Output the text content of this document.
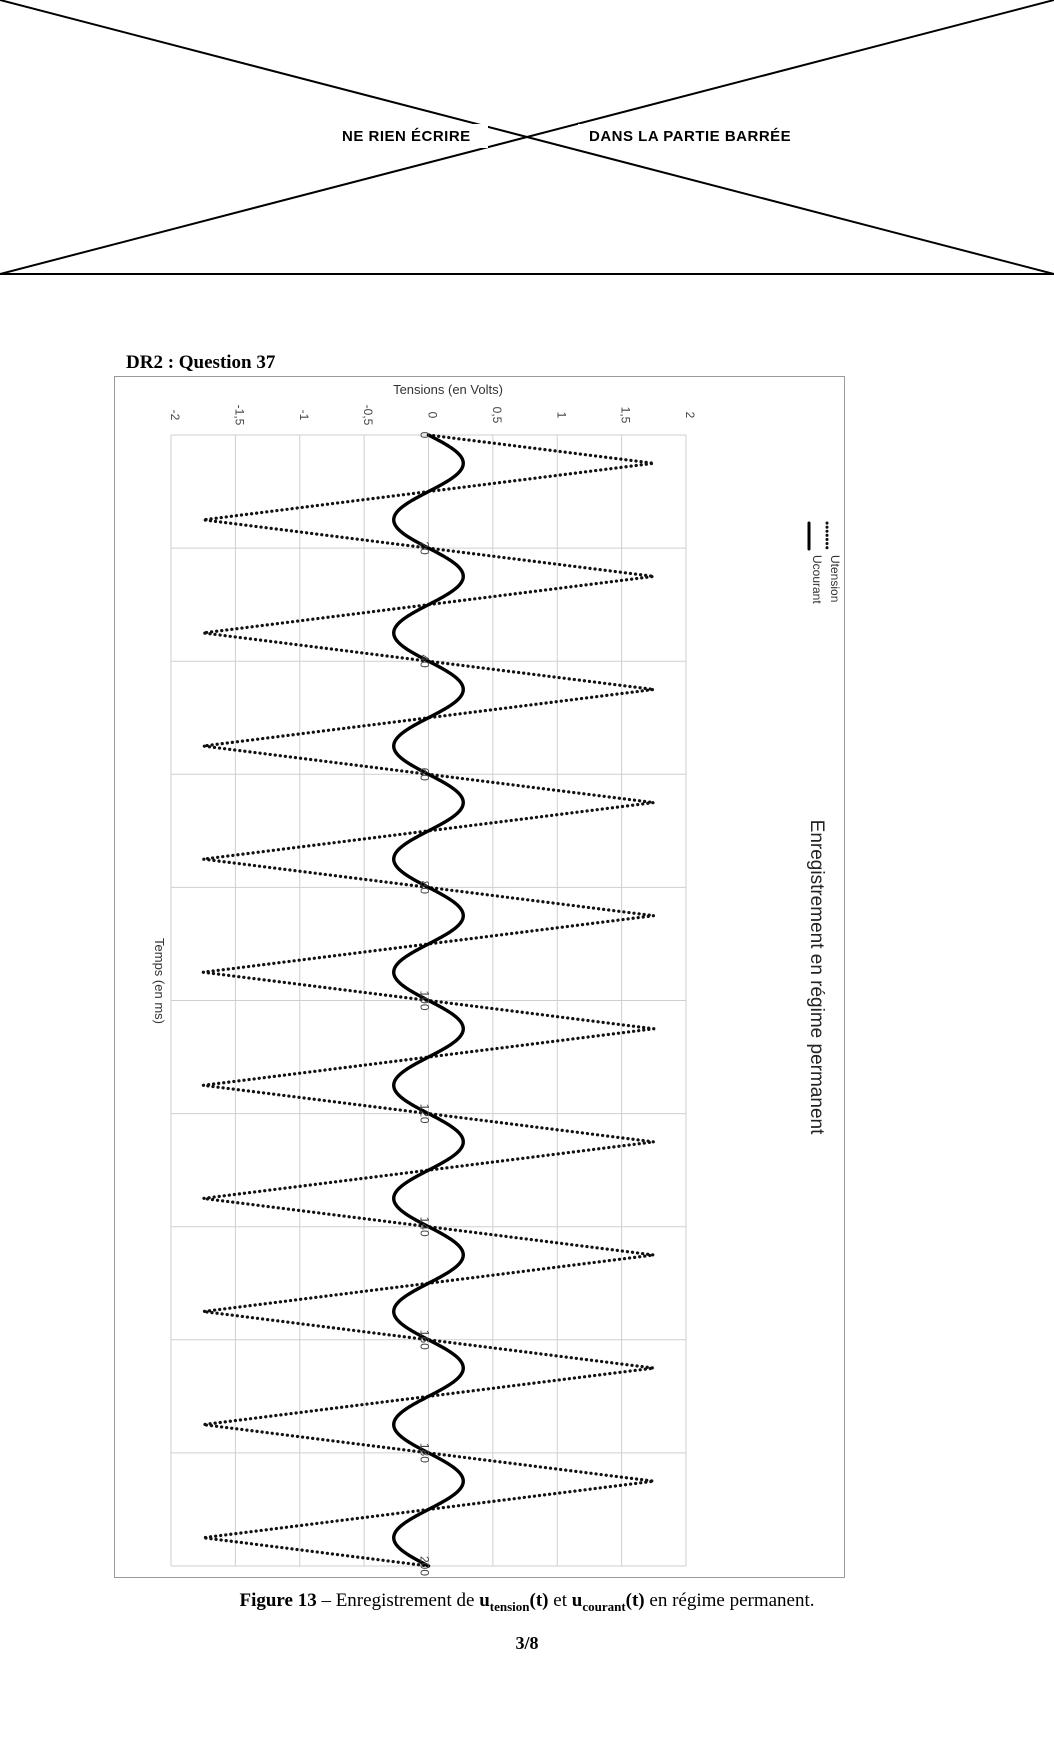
NE RIEN ÉCRIRE	DANS LA PARTIE BARRÉE
DR2 : Question 37
Tensions (en Volts)
Temps (en ms)	Enregistrement en régime permanent
-2	-1,5	-1	-0,5	0	0,5	1	1,5	2
0
20
40
60
80
100
120
140
160
180
200
Utension
Ucourant
Figure 13 – Enregistrement de $u_{tension}(t)$ et $u_{courant}(t)$ en régime permanent.
3/8
